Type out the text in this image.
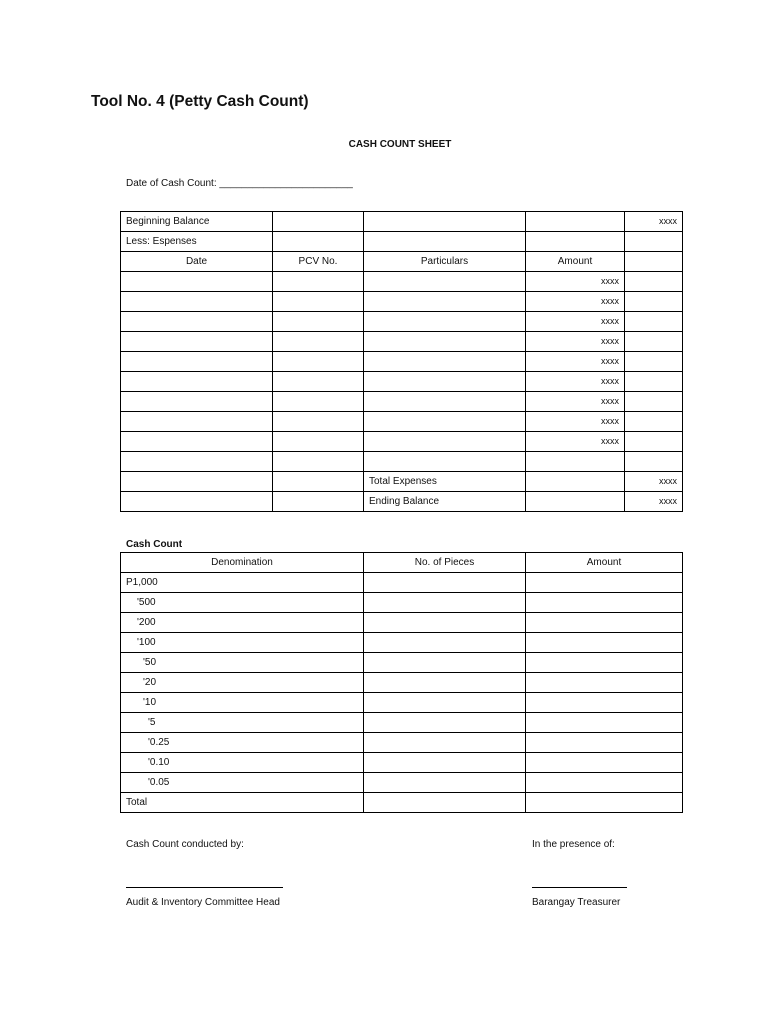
Tool No. 4 (Petty Cash Count)
CASH COUNT SHEET
Date of Cash Count: ________________________
Beginning Balance				xxxx
Less: Espenses				
Date	PCV No.	Particulars	Amount	
			xxxx	
			xxxx	
			xxxx	
			xxxx	
			xxxx	
			xxxx	
			xxxx	
			xxxx	
			xxxx	

		Total Expenses		xxxx
		Ending Balance		xxxx
Cash Count
Denomination	No. of Pieces	Amount
P1,000		
'500		
'200		
'100		
'50		
'20		
'10		
'5		
'0.25		
'0.10		
'0.05		
Total		
Cash Count conducted by:	In the presence of:
Audit & Inventory Committee Head	Barangay Treasurer
